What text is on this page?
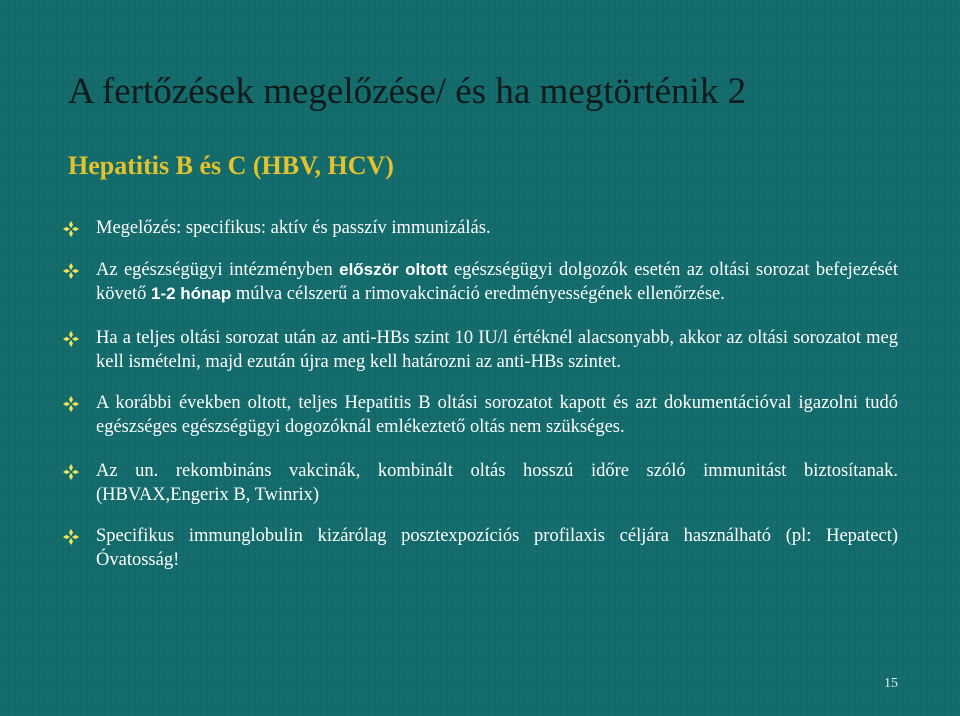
A fertőzések megelőzése/ és ha megtörténik 2
Hepatitis B és C (HBV, HCV)
Megelőzés: specifikus: aktív és passzív immunizálás.
Az egészségügyi intézményben először oltott egészségügyi dolgozók esetén az oltási sorozat befejezését követő 1-2 hónap múlva célszerű a rimovakcináció eredményességének ellenőrzése.
Ha a teljes oltási sorozat után az anti-HBs szint 10 IU/l értéknél alacsonyabb, akkor az oltási sorozatot meg kell ismételni, majd ezután újra meg kell határozni az anti-HBs szintet.
A korábbi években oltott, teljes Hepatitis B oltási sorozatot kapott és azt dokumentációval igazolni tudó egészséges egészségügyi dogozóknál emlékeztető oltás nem szükséges.
Az un. rekombináns vakcinák, kombinált oltás hosszú időre szóló immunitást biztosítanak.(HBVAX,Engerix B, Twinrix)
Specifikus immunglobulin kizárólag posztexpozíciós profilaxis céljára használható (pl: Hepatect) Óvatosság!
15
